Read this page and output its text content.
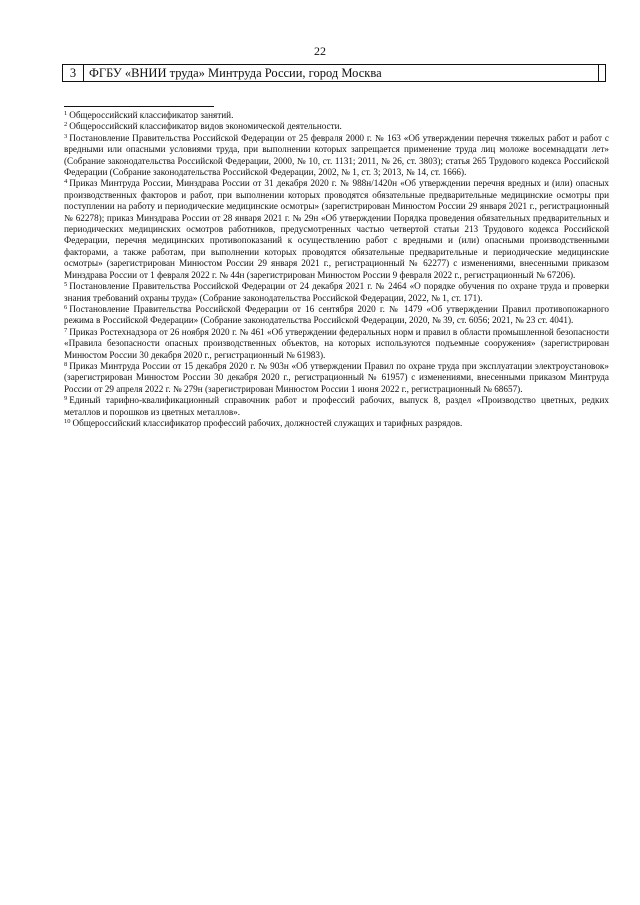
22
3	ФГБУ «ВНИИ труда» Минтруда России, город Москва

$^1$ Общероссийский классификатор занятий.

$^2$ Общероссийский классификатор видов экономической деятельности.

$^3$ Постановление Правительства Российской Федерации от 25 февраля 2000 г. № 163 «Об утверждении перечня тяжелых работ и работ с вредными или опасными условиями труда, при выполнении которых запрещается применение труда лиц моложе восемнадцати лет» (Собрание законодательства Российской Федерации, 2000, № 10, ст. 1131; 2011, № 26, ст. 3803); статья 265 Трудового кодекса Российской Федерации (Собрание законодательства Российской Федерации, 2002, № 1, ст. 3; 2013, № 14, ст. 1666).

$^4$ Приказ Минтруда России, Минздрава России от 31 декабря 2020 г. № 988н/1420н «Об утверждении перечня вредных и (или) опасных производственных факторов и работ, при выполнении которых проводятся обязательные предварительные медицинские осмотры при поступлении на работу и периодические медицинские осмотры» (зарегистрирован Минюстом России 29 января 2021 г., регистрационный № 62278); приказ Минздрава России от 28 января 2021 г. № 29н «Об утверждении Порядка проведения обязательных предварительных и периодических медицинских осмотров работников, предусмотренных частью четвертой статьи 213 Трудового кодекса Российской Федерации, перечня медицинских противопоказаний к осуществлению работ с вредными и (или) опасными производственными факторами, а также работам, при выполнении которых проводятся обязательные предварительные и периодические медицинские осмотры» (зарегистрирован Минюстом России 29 января 2021 г., регистрационный № 62277) с изменениями, внесенными приказом Минздрава России от 1 февраля 2022 г. № 44н (зарегистрирован Минюстом России 9 февраля 2022 г., регистрационный № 67206).

$^5$ Постановление Правительства Российской Федерации от 24 декабря 2021 г. № 2464 «О порядке обучения по охране труда и проверки знания требований охраны труда» (Собрание законодательства Российской Федерации, 2022, № 1, ст. 171).

$^6$ Постановление Правительства Российской Федерации от 16 сентября 2020 г. № 1479 «Об утверждении Правил противопожарного режима в Российской Федерации» (Собрание законодательства Российской Федерации, 2020, № 39, ст. 6056; 2021, № 23 ст. 4041).

$^7$ Приказ Ростехнадзора от 26 ноября 2020 г. № 461 «Об утверждении федеральных норм и правил в области промышленной безопасности «Правила безопасности опасных производственных объектов, на которых используются подъемные сооружения» (зарегистрирован Минюстом России 30 декабря 2020 г., регистрационный № 61983).

$^8$ Приказ Минтруда России от 15 декабря 2020 г. № 903н «Об утверждении Правил по охране труда при эксплуатации электроустановок» (зарегистрирован Минюстом России 30 декабря 2020 г., регистрационный № 61957) с изменениями, внесенными приказом Минтруда России от 29 апреля 2022 г. № 279н (зарегистрирован Минюстом России 1 июня 2022 г., регистрационный № 68657).

$^9$ Единый тарифно-квалификационный справочник работ и профессий рабочих, выпуск 8, раздел «Производство цветных, редких металлов и порошков из цветных металлов».

$^{10}$ Общероссийский классификатор профессий рабочих, должностей служащих и тарифных разрядов.
